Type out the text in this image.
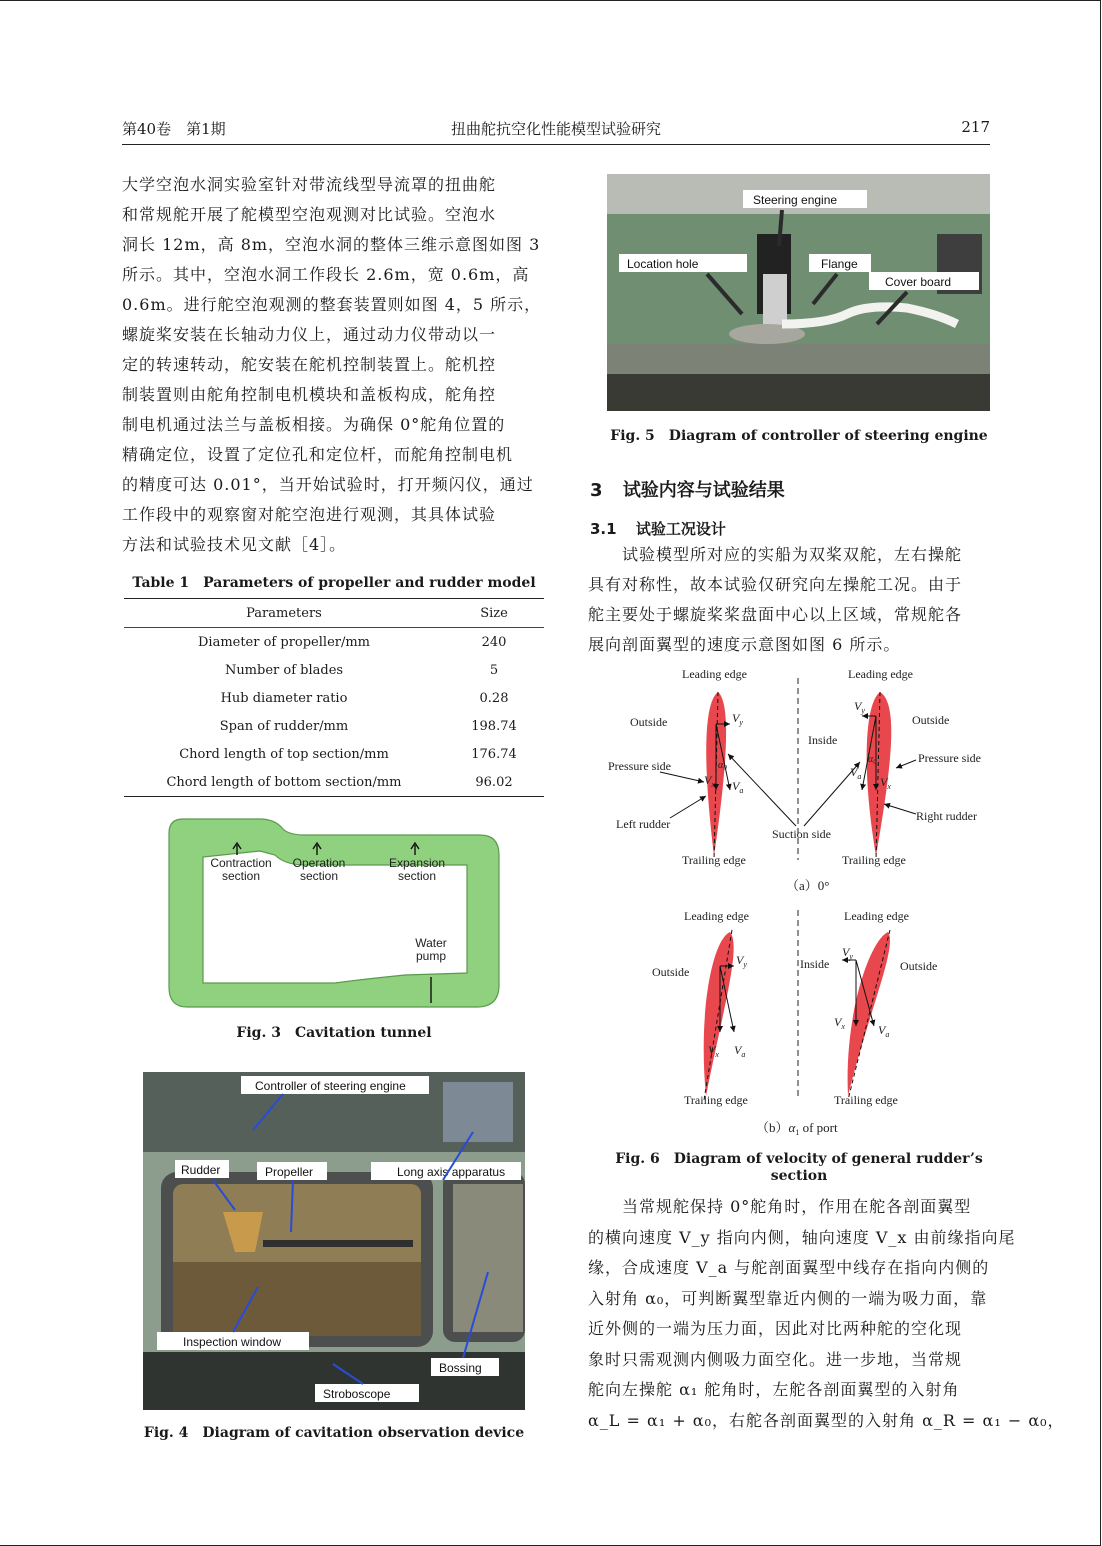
第40卷　第1期	扭曲舵抗空化性能模型试验研究	217
大学空泡水洞实验室针对带流线型导流罩的扭曲舵
和常规舵开展了舵模型空泡观测对比试验。空泡水
洞长 12m，高 8m，空泡水洞的整体三维示意图如图 3
所示。其中，空泡水洞工作段长 2.6m，宽 0.6m，高
0.6m。进行舵空泡观测的整套装置则如图 4，5 所示，
螺旋桨安装在长轴动力仪上，通过动力仪带动以一
定的转速转动，舵安装在舵机控制装置上。舵机控
制装置则由舵角控制电机模块和盖板构成，舵角控
制电机通过法兰与盖板相接。为确保 0°舵角位置的
精确定位，设置了定位孔和定位杆，而舵角控制电机
的精度可达 0.01°，当开始试验时，打开频闪仪，通过
工作段中的观察窗对舵空泡进行观测，其具体试验
方法和试验技术见文献［4］。
Table 1　Parameters of propeller and rudder model
Parameters	Size
Diameter of propeller/mm	240
Number of blades	5
Hub diameter ratio	0.28
Span of rudder/mm	198.74
Chord length of top section/mm	176.74
Chord length of bottom section/mm	96.02
Contraction
section
Operation
section
Expansion
section
Water
pump
Fig. 3　Cavitation tunnel
Controller of steering engine
Rudder	Propeller	Long axis apparatus
Inspection window
Bossing
Stroboscope
Fig. 4　Diagram of cavitation observation device
Steering engine
Location hole	Flange
Cover board
Fig. 5　Diagram of controller of steering engine
3 试验内容与试验结果
3.1 试验工况设计
　　试验模型所对应的实船为双桨双舵，左右操舵
具有对称性，故本试验仅研究向左操舵工况。由于
舵主要处于螺旋桨桨盘面中心以上区域，常规舵各
展向剖面翼型的速度示意图如图 6 所示。
Leading edge	Leading edge
Outside	Outside
Inside
Pressure side
Pressure side
Left rudder
Right rudder
Suction side
Trailing edge	Trailing edge
$V_y$
$V_x$ $V_a$
$V_y$
$V_a$ $V_x$
$\alpha_0$
$\alpha_0$
（a）0°
Leading edge	Leading edge
Outside	Outside
Inside
$V_y$
$V_x$ $V_a$
$V_y$
$V_x$	$V_a$
Trailing edge	Trailing edge
$(b)\alpha_1$ of port
Fig. 6　Diagram of velocity of general rudder’s section
　　当常规舵保持 0°舵角时，作用在舵各剖面翼型
的横向速度 V_y 指向内侧，轴向速度 V_x 由前缘指向尾
缘，合成速度 V_a 与舵剖面翼型中线存在指向内侧的
入射角 α₀，可判断翼型靠近内侧的一端为吸力面，靠
近外侧的一端为压力面，因此对比两种舵的空化现
象时只需观测内侧吸力面空化。进一步地，当常规
舵向左操舵 α₁ 舵角时，左舵各剖面翼型的入射角
α_L = α₁ + α₀，右舵各剖面翼型的入射角 α_R = α₁ − α₀，
